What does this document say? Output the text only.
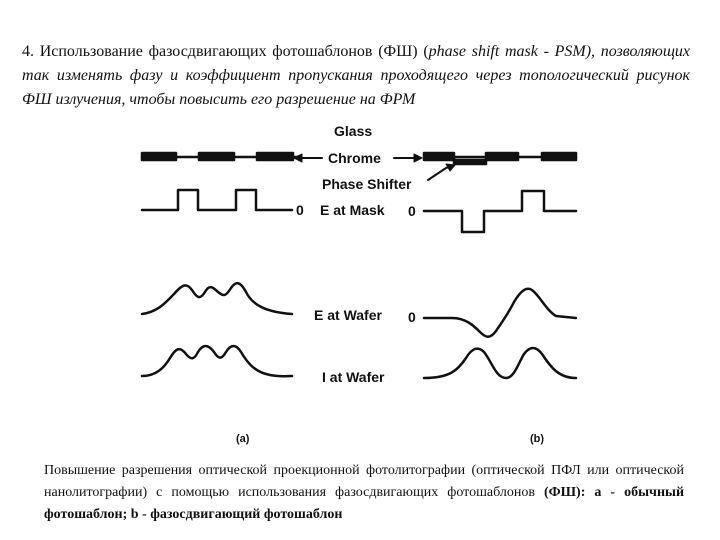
4. Использование фазосдвигающих фотошаблонов (ФШ) (phase shift mask - PSM), позволяющих так изменять фазу и коэффициент пропускания проходящего через топологический рисунок ФШ излучения, чтобы повысить его разрешение на ФРМ
Glass
Chrome
Phase Shifter
0 E at Mask 0
E at Wafer 0
I at Wafer
(a)	(b)
Повышение разрешения оптической проекционной фотолитографии (оптической ПФЛ или оптической нанолитографии) с помощью использования фазосдвигающих фотошаблонов (ФШ): а - обычный фотошаблон; b - фазосдвигающий фотошаблон
